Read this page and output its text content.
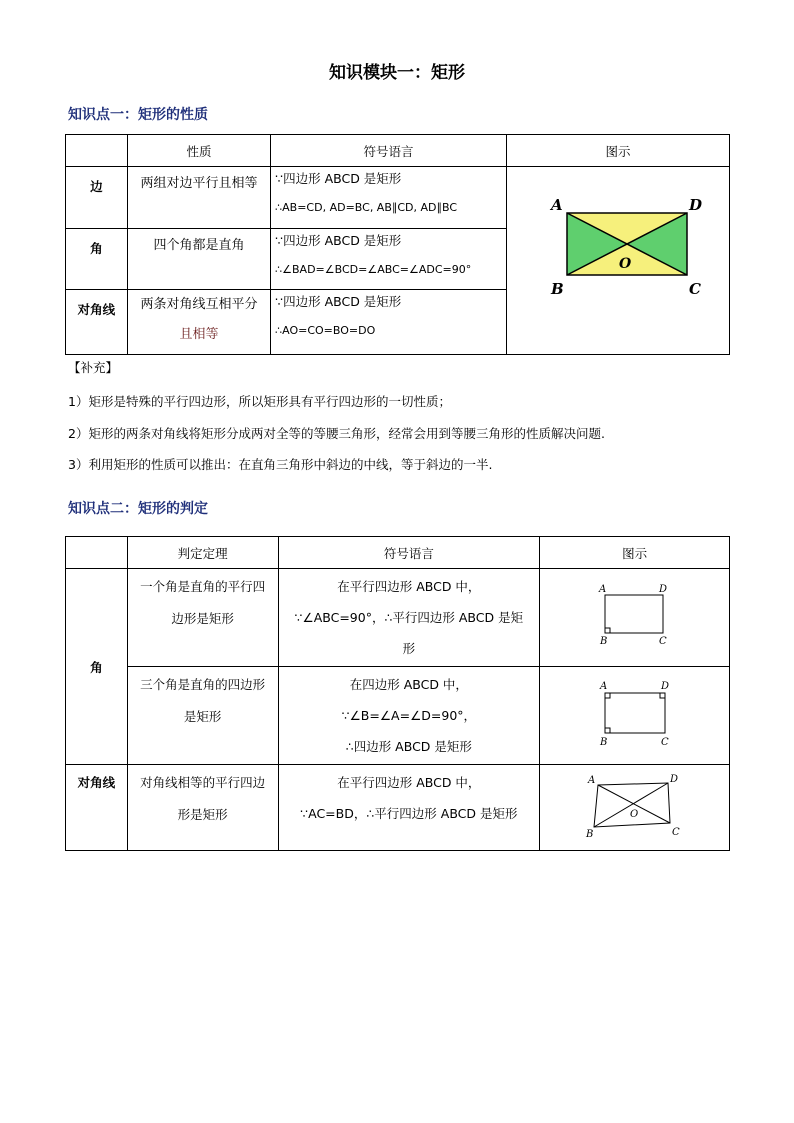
知识模块一：矩形
知识点一：矩形的性质
	性质	符号语言	图示
边	两组对边平行且相等	∵四边形 ABCD 是矩形
∴AB=CD, AD=BC, AB∥CD, AD∥BC	A D
B C
O

角	四个角都是直角	∵四边形 ABCD 是矩形
∴∠BAD=∠BCD=∠ABC=∠ADC=90°	

对角线	两条对角线互相平分
且相等	∵四边形 ABCD 是矩形
∴AO=CO=BO=DO	
【补充】
1）矩形是特殊的平行四边形，所以矩形具有平行四边形的一切性质；
2）矩形的两条对角线将矩形分成两对全等的等腰三角形，经常会用到等腰三角形的性质解决问题.
3）利用矩形的性质可以推出：在直角三角形中斜边的中线，等于斜边的一半.
知识点二：矩形的判定
	判定定理	符号语言	图示
角	一个角是直角的平行四
边形是矩形	在平行四边形 ABCD 中，
∵∠ABC=90°，∴平行四边形 ABCD 是矩
形	A D
B C

	三个角是直角的四边形
是矩形	在四边形 ABCD 中，
∵∠B=∠A=∠D=90°，
∴四边形 ABCD 是矩形	A D
B C

对角线	对角线相等的平行四边
形是矩形	在平行四边形 ABCD 中，
∵AC=BD，∴平行四边形 ABCD 是矩形	A D
B C
O
